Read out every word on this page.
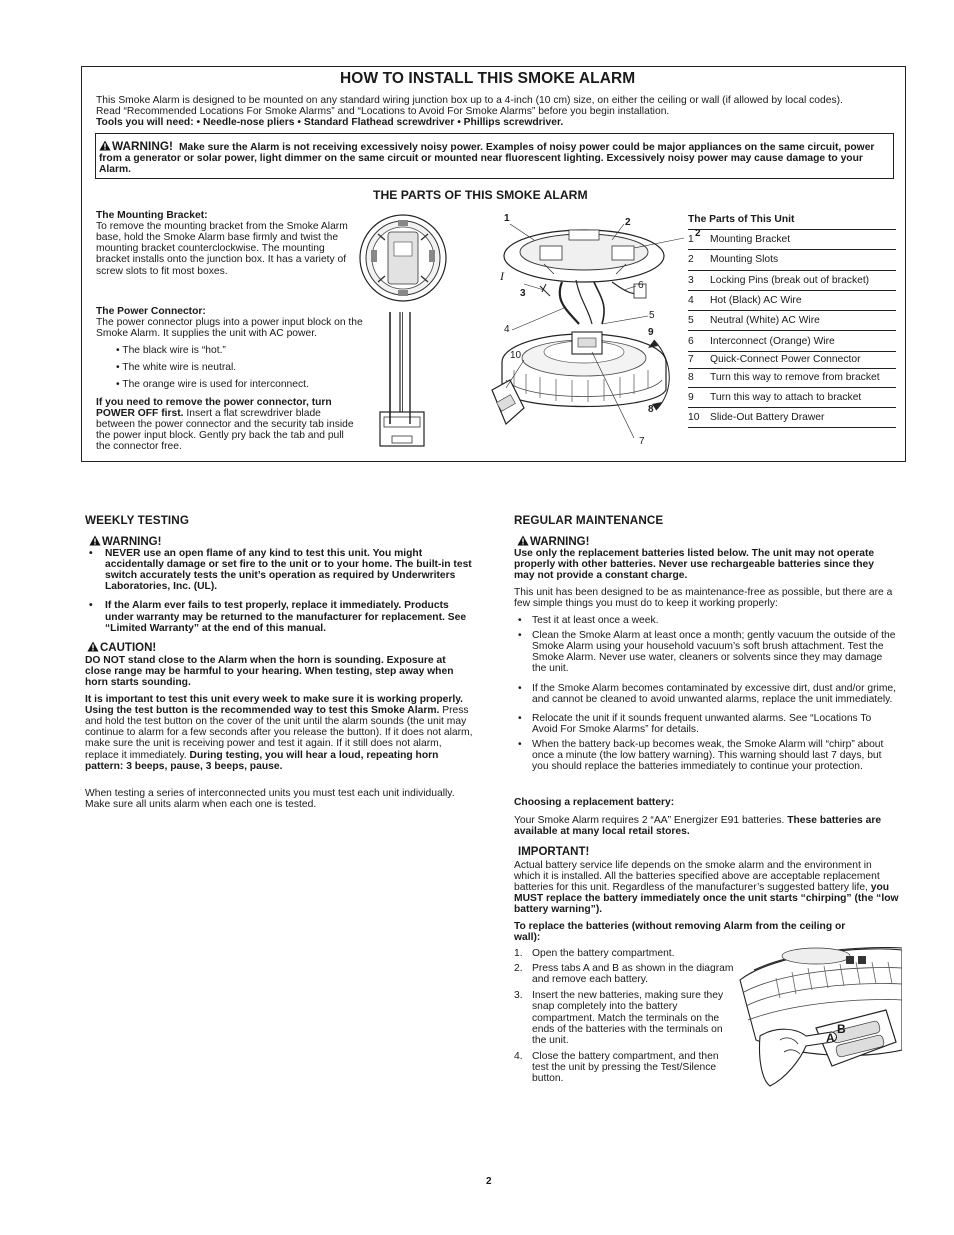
HOW TO INSTALL THIS SMOKE ALARM

This Smoke Alarm is designed to be mounted on any standard wiring junction box up to a 4-inch (10 cm) size, on either the ceiling or wall (if allowed by local codes).

Read “Recommended Locations For Smoke Alarms” and “Locations to Avoid For Smoke Alarms” before you begin installation.

Tools you will need: • Needle-nose pliers • Standard Flathead screwdriver • Phillips screwdriver.

WARNING! Make sure the Alarm is not receiving excessively noisy power. Examples of noisy power could be major appliances on the same circuit, power from a generator or solar power, light dimmer on the same circuit or mounted near fluorescent lighting. Excessively noisy power may cause damage to your Alarm.
THE PARTS OF THIS SMOKE ALARM
The Mounting Bracket:
To remove the mounting bracket from the Smoke Alarm base, hold the Smoke Alarm base firmly and twist the mounting bracket counterclockwise. The mounting bracket installs onto the junction box. It has a variety of screw slots to fit most boxes.
The Power Connector:
The power connector plugs into a power input block on the Smoke Alarm. It supplies the unit with AC power.
• The black wire is “hot.”
• The white wire is neutral.
• The orange wire is used for interconnect.
If you need to remove the power connector, turn POWER OFF first. Insert a flat screwdriver blade between the power connector and the security tab inside the power input block. Gently pry back the tab and pull the connector free.
I
1	2
2
3
6
4
5
9
10
8
7
The Parts of This Unit
1	Mounting Bracket
2	Mounting Slots
3	Locking Pins (break out of bracket)
4	Hot (Black) AC Wire
5	Neutral (White) AC Wire
6	Interconnect (Orange) Wire
7	Quick-Connect Power Connector
8	Turn this way to remove from bracket
9	Turn this way to attach to bracket
10	Slide-Out Battery Drawer
WEEKLY TESTING
WARNING!
• NEVER use an open flame of any kind to test this unit. You might accidentally damage or set fire to the unit or to your home. The built-in test switch accurately tests the unit’s operation as required by Underwriters Laboratories, Inc. (UL).
• If the Alarm ever fails to test properly, replace it immediately. Products under warranty may be returned to the manufacturer for replacement. See “Limited Warranty” at the end of this manual.
CAUTION!
DO NOT stand close to the Alarm when the horn is sounding. Exposure at close range may be harmful to your hearing. When testing, step away when horn starts sounding.
It is important to test this unit every week to make sure it is working properly. Using the test button is the recommended way to test this Smoke Alarm. Press and hold the test button on the cover of the unit until the alarm sounds (the unit may continue to alarm for a few seconds after you release the button). If it does not alarm, make sure the unit is receiving power and test it again. If it still does not alarm, replace it immediately. During testing, you will hear a loud, repeating horn pattern: 3 beeps, pause, 3 beeps, pause.
When testing a series of interconnected units you must test each unit individually. Make sure all units alarm when each one is tested.
REGULAR MAINTENANCE
WARNING!
Use only the replacement batteries listed below. The unit may not operate properly with other batteries. Never use rechargeable batteries since they may not provide a constant charge.
This unit has been designed to be as maintenance-free as possible, but there are a few simple things you must do to keep it working properly:
• Test it at least once a week.
• Clean the Smoke Alarm at least once a month; gently vacuum the outside of the Smoke Alarm using your household vacuum’s soft brush attachment. Test the Smoke Alarm. Never use water, cleaners or solvents since they may damage the unit.
• If the Smoke Alarm becomes contaminated by excessive dirt, dust and/or grime, and cannot be cleaned to avoid unwanted alarms, replace the unit immediately.
• Relocate the unit if it sounds frequent unwanted alarms. See “Locations To Avoid For Smoke Alarms” for details.
• When the battery back-up becomes weak, the Smoke Alarm will “chirp” about once a minute (the low battery warning). This warning should last 7 days, but you should replace the batteries immediately to continue your protection.
Choosing a replacement battery:
Your Smoke Alarm requires 2 “AA” Energizer E91 batteries. These batteries are available at many local retail stores.
IMPORTANT!
Actual battery service life depends on the smoke alarm and the environment in which it is installed. All the batteries specified above are acceptable replacement batteries for this unit. Regardless of the manufacturer’s suggested battery life, you MUST replace the battery immediately once the unit starts “chirping” (the “low battery warning”).
To replace the batteries (without removing Alarm from the ceiling or wall):
1. Open the battery compartment.
2. Press tabs A and B as shown in the diagram and remove each battery.
3. Insert the new batteries, making sure they snap completely into the battery compartment. Match the terminals on the ends of the batteries with the terminals on the unit.
4. Close the battery compartment, and then test the unit by pressing the Test/Silence button.
B
A
2
